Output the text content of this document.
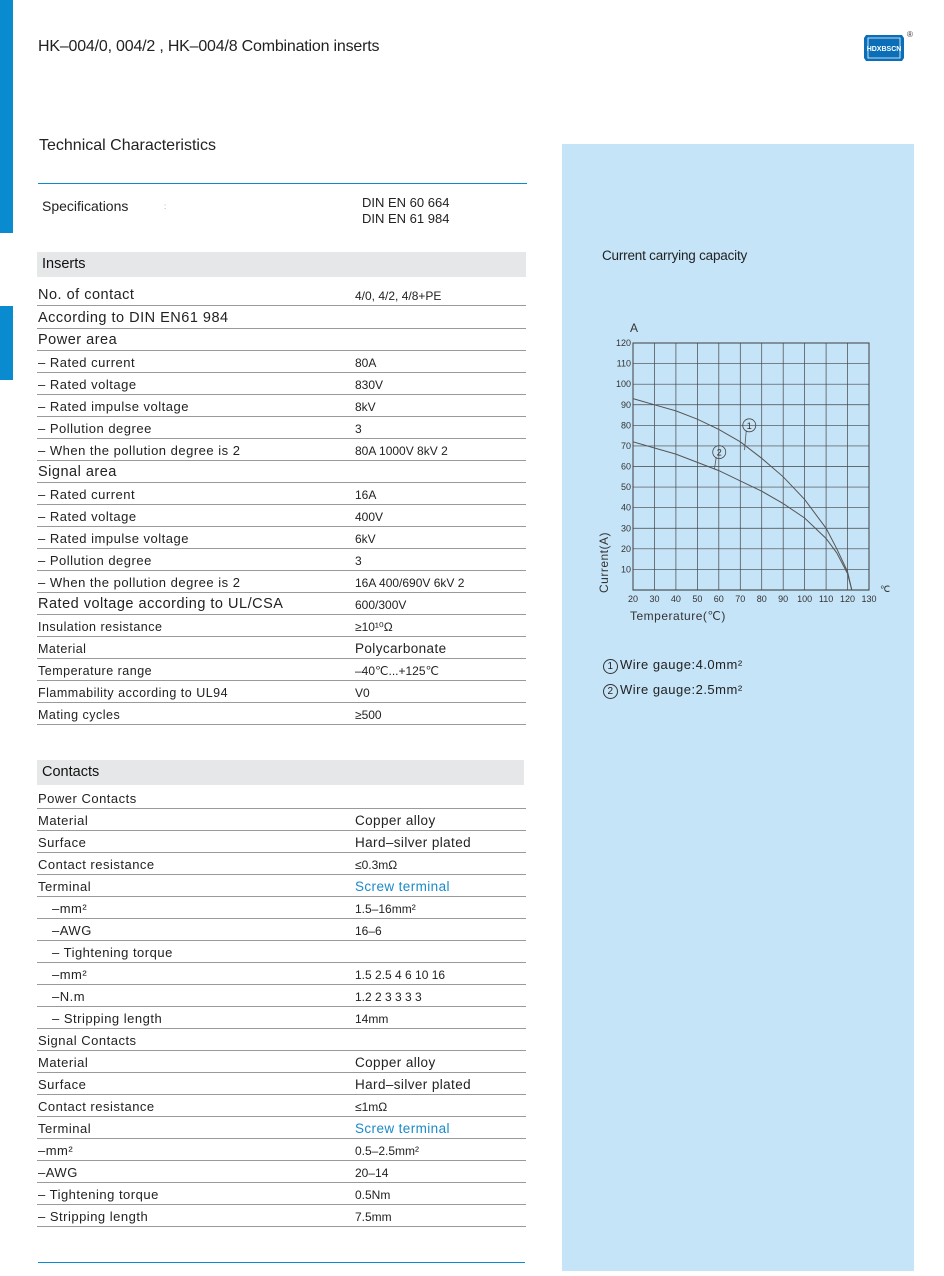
HK–004/0, 004/2 , HK–004/8 Combination inserts	HDXBSCN
®
Technical Characteristics
Specifications	:	DIN EN 60 664
DIN EN 61 984
Inserts
No. of contact	4/0, 4/2, 4/8+PE
According to DIN EN61 984
Power area
– Rated current	80A
– Rated voltage	830V
– Rated impulse voltage	8kV
– Pollution degree	3
– When the pollution degree is 2	80A 1000V 8kV 2
Signal area
– Rated current	16A
– Rated voltage	400V
– Rated impulse voltage	6kV
– Pollution degree	3
– When the pollution degree is 2	16A 400/690V 6kV 2
Rated voltage according to UL/CSA	600/300V
Insulation resistance	≥10¹⁰Ω
Material	Polycarbonate
Temperature range	–40℃...+125℃
Flammability according to UL94	V0
Mating cycles	≥500
Contacts
Power Contacts
Material	Copper alloy
Surface	Hard–silver plated
Contact resistance	≤0.3mΩ
Terminal	Screw terminal
–mm²	1.5–16mm²
–AWG	16–6
– Tightening torque
–mm²	1.5 2.5 4 6 10 16
–N.m	1.2 2 3 3 3 3
– Stripping length	14mm
Signal Contacts
Material	Copper alloy
Surface	Hard–silver plated
Contact resistance	≤1mΩ
Terminal	Screw terminal
–mm²	0.5–2.5mm²
–AWG	20–14
– Tightening torque	0.5Nm
– Stripping length	7.5mm
Current carrying capacity
20 30 40 50 60 70 80 90 100 110 120 130
10
20
30
40
50
60
70
80
90
100
110
120
1
2
A
℃
Temperature(℃)
Current(A)
1 Wire gauge:4.0mm²
2 Wire gauge:2.5mm²
